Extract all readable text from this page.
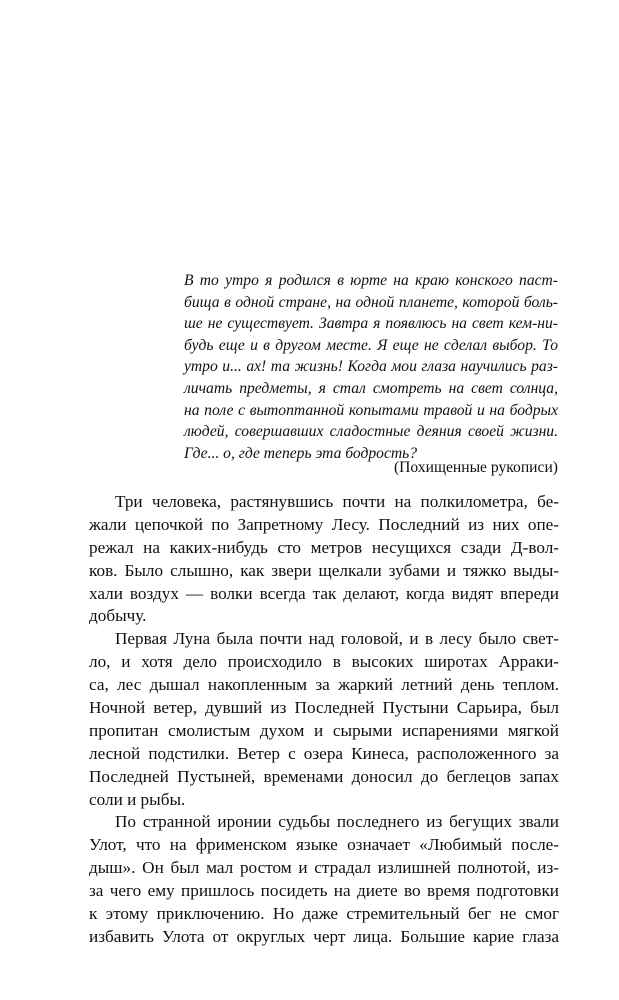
В то утро я родился в юрте на краю конского паст-
бища в одной стране, на одной планете, которой боль-
ше не существует. Завтра я появлюсь на свет кем-ни-
будь еще и в другом месте. Я еще не сделал выбор. То
утро и... ах! та жизнь! Когда мои глаза научились раз-
личать предметы, я стал смотреть на свет солнца,
на поле с вытоптанной копытами травой и на бодрых
людей, совершавших сладостные деяния своей жизни.
Где... о, где теперь эта бодрость?
(Похищенные рукописи)
Три человека, растянувшись почти на полкилометра, бе-
жали цепочкой по Запретному Лесу. Последний из них опе-
режал на каких-нибудь сто метров несущихся сзади Д-вол-
ков. Было слышно, как звери щелкали зубами и тяжко выды-
хали воздух — волки всегда так делают, когда видят впереди
добычу.
Первая Луна была почти над головой, и в лесу было свет-
ло, и хотя дело происходило в высоких широтах Арраки-
са, лес дышал накопленным за жаркий летний день теплом.
Ночной ветер, дувший из Последней Пустыни Сарьира, был
пропитан смолистым духом и сырыми испарениями мягкой
лесной подстилки. Ветер с озера Кинеса, расположенного за
Последней Пустыней, временами доносил до беглецов запах
соли и рыбы.
По странной иронии судьбы последнего из бегущих звали
Улот, что на фрименском языке означает «Любимый после-
дыш». Он был мал ростом и страдал излишней полнотой, из-
за чего ему пришлось посидеть на диете во время подготовки
к этому приключению. Но даже стремительный бег не смог
избавить Улота от округлых черт лица. Большие карие глаза
